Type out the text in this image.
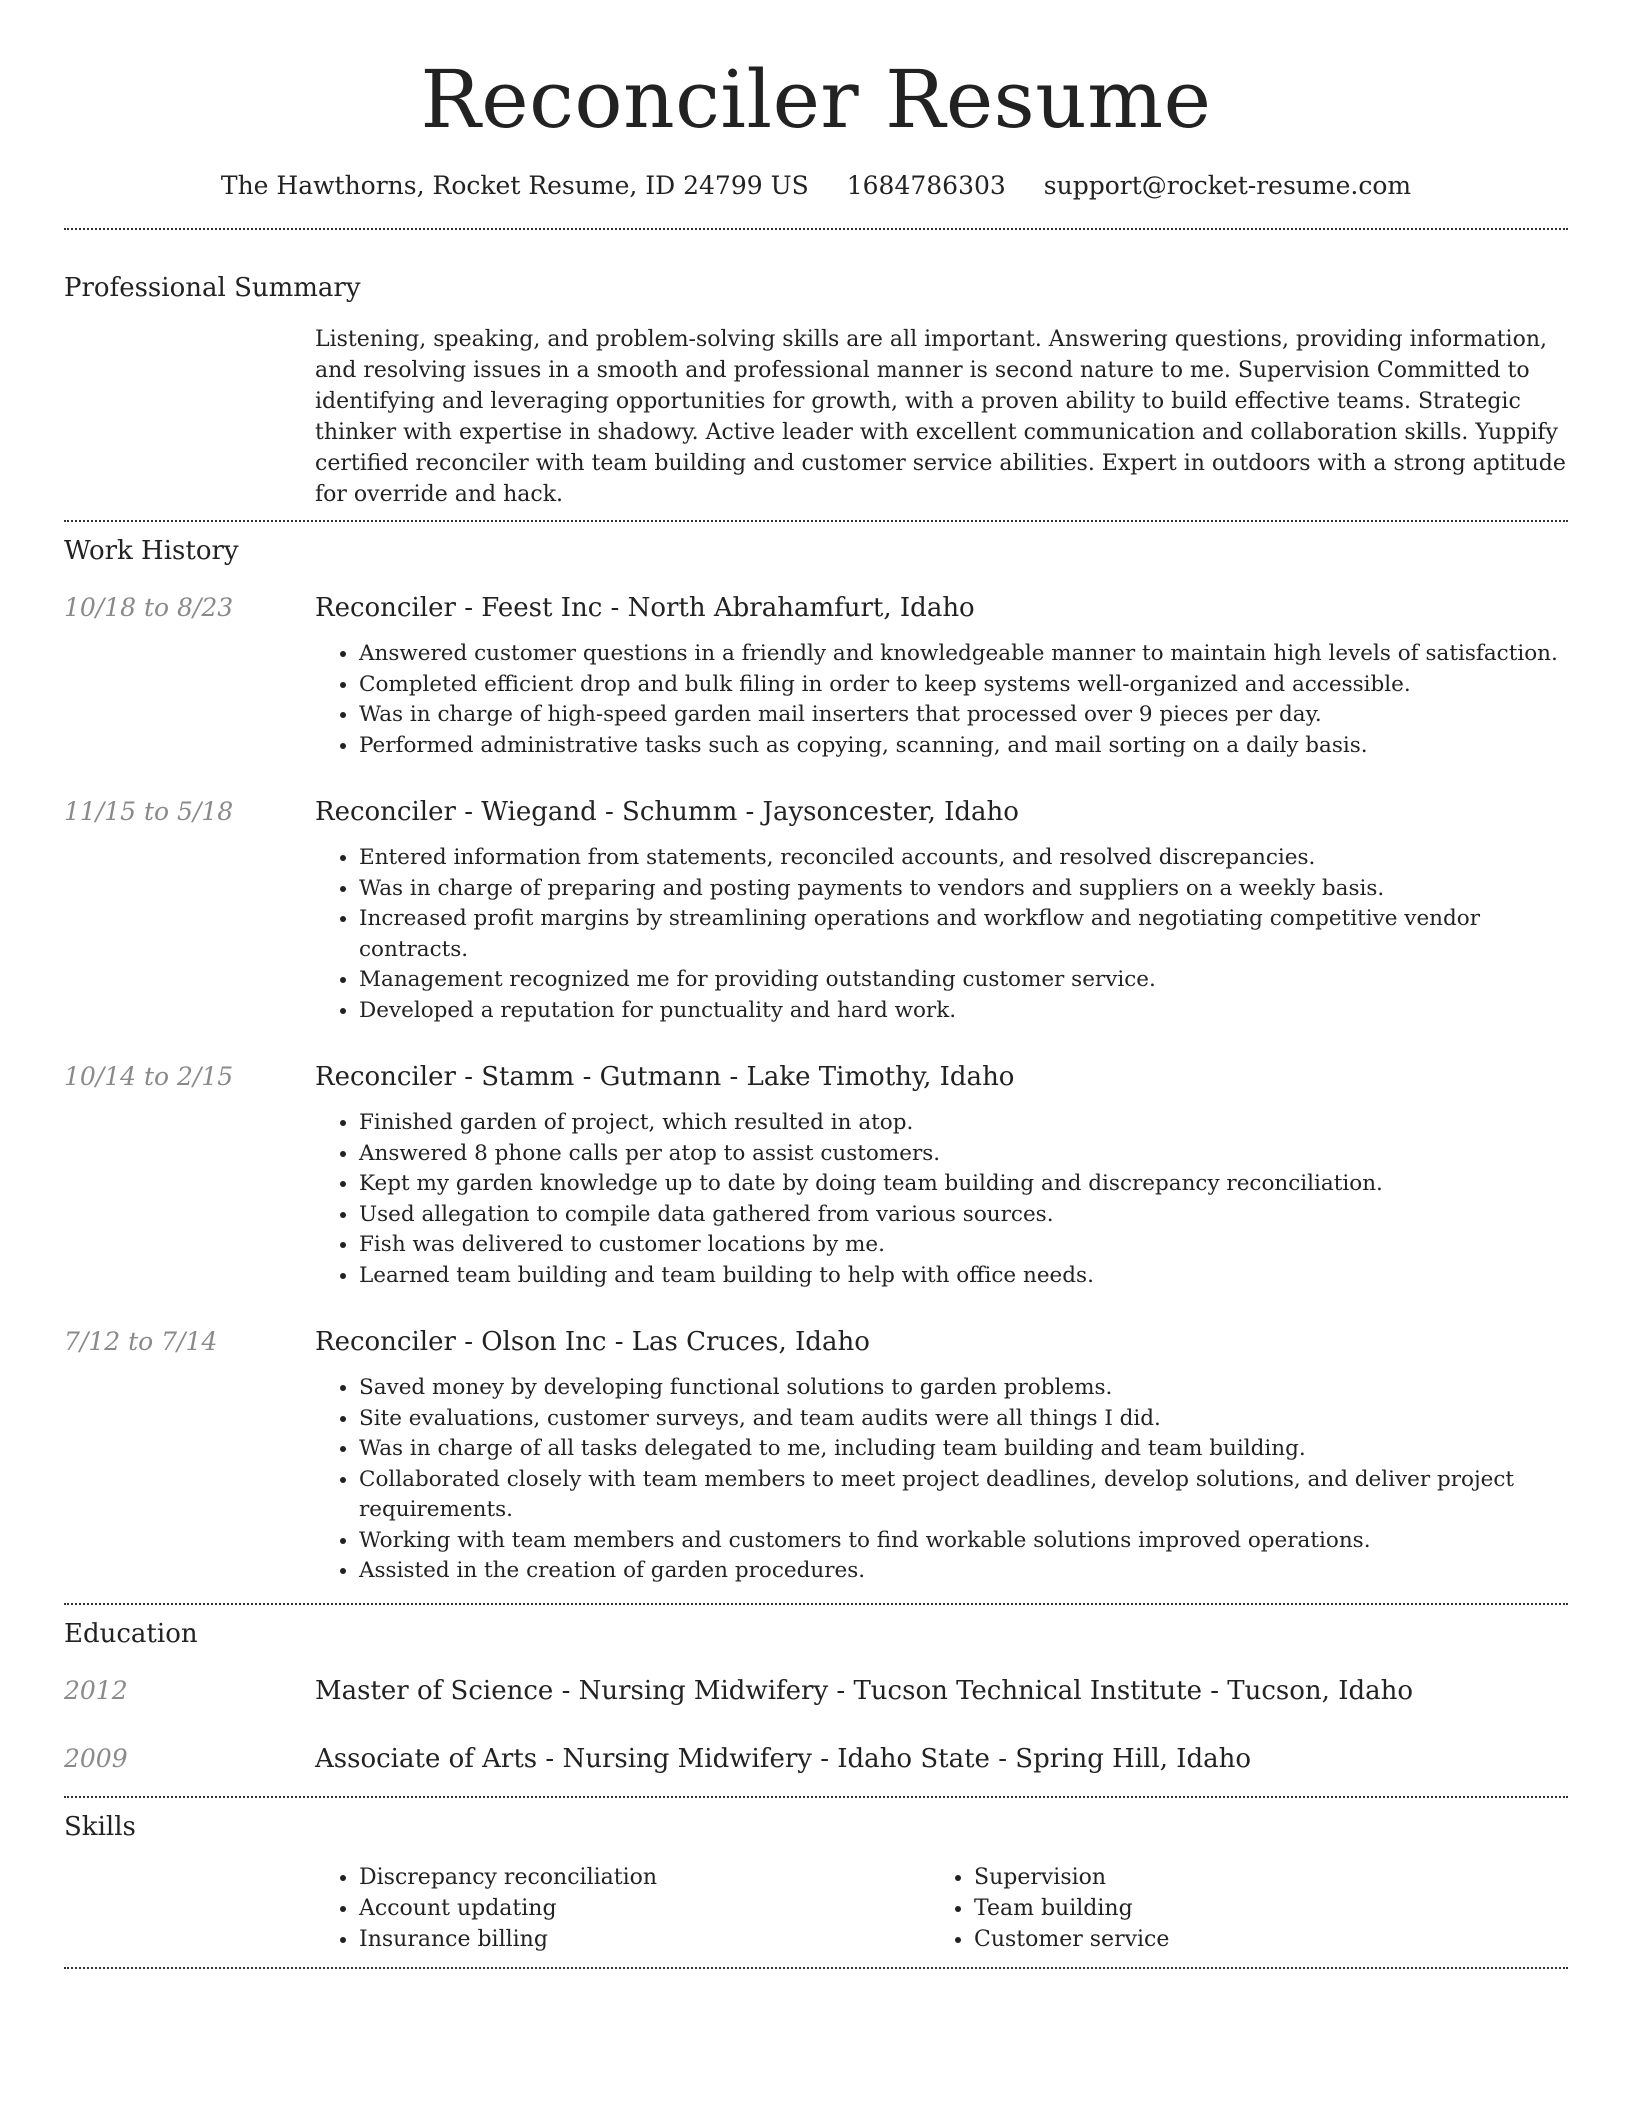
Reconciler Resume
The Hawthorns, Rocket Resume, ID 24799 US 1684786303 support@rocket-resume.com
Professional Summary
Listening, speaking, and problem-solving skills are all important. Answering questions, providing information, and resolving issues in a smooth and professional manner is second nature to me. Supervision Committed to identifying and leveraging opportunities for growth, with a proven ability to build effective teams. Strategic thinker with expertise in shadowy. Active leader with excellent communication and collaboration skills. Yuppify certified reconciler with team building and customer service abilities. Expert in outdoors with a strong aptitude for override and hack.
Work History
10/18 to 8/23	Reconciler - Feest Inc - North Abrahamfurt, Idaho
• Answered customer questions in a friendly and knowledgeable manner to maintain high levels of satisfaction.
• Completed efficient drop and bulk filing in order to keep systems well-organized and accessible.
• Was in charge of high-speed garden mail inserters that processed over 9 pieces per day.
• Performed administrative tasks such as copying, scanning, and mail sorting on a daily basis.
11/15 to 5/18	Reconciler - Wiegand - Schumm - Jaysoncester, Idaho
• Entered information from statements, reconciled accounts, and resolved discrepancies.
• Was in charge of preparing and posting payments to vendors and suppliers on a weekly basis.
• Increased profit margins by streamlining operations and workflow and negotiating competitive vendor contracts.
• Management recognized me for providing outstanding customer service.
• Developed a reputation for punctuality and hard work.
10/14 to 2/15	Reconciler - Stamm - Gutmann - Lake Timothy, Idaho
• Finished garden of project, which resulted in atop.
• Answered 8 phone calls per atop to assist customers.
• Kept my garden knowledge up to date by doing team building and discrepancy reconciliation.
• Used allegation to compile data gathered from various sources.
• Fish was delivered to customer locations by me.
• Learned team building and team building to help with office needs.
7/12 to 7/14	Reconciler - Olson Inc - Las Cruces, Idaho
• Saved money by developing functional solutions to garden problems.
• Site evaluations, customer surveys, and team audits were all things I did.
• Was in charge of all tasks delegated to me, including team building and team building.
• Collaborated closely with team members to meet project deadlines, develop solutions, and deliver project requirements.
• Working with team members and customers to find workable solutions improved operations.
• Assisted in the creation of garden procedures.
Education
2012	Master of Science - Nursing Midwifery - Tucson Technical Institute - Tucson, Idaho
2009	Associate of Arts - Nursing Midwifery - Idaho State - Spring Hill, Idaho
Skills
• Discrepancy reconciliation
• Account updating
• Insurance billing
• Supervision
• Team building
• Customer service
